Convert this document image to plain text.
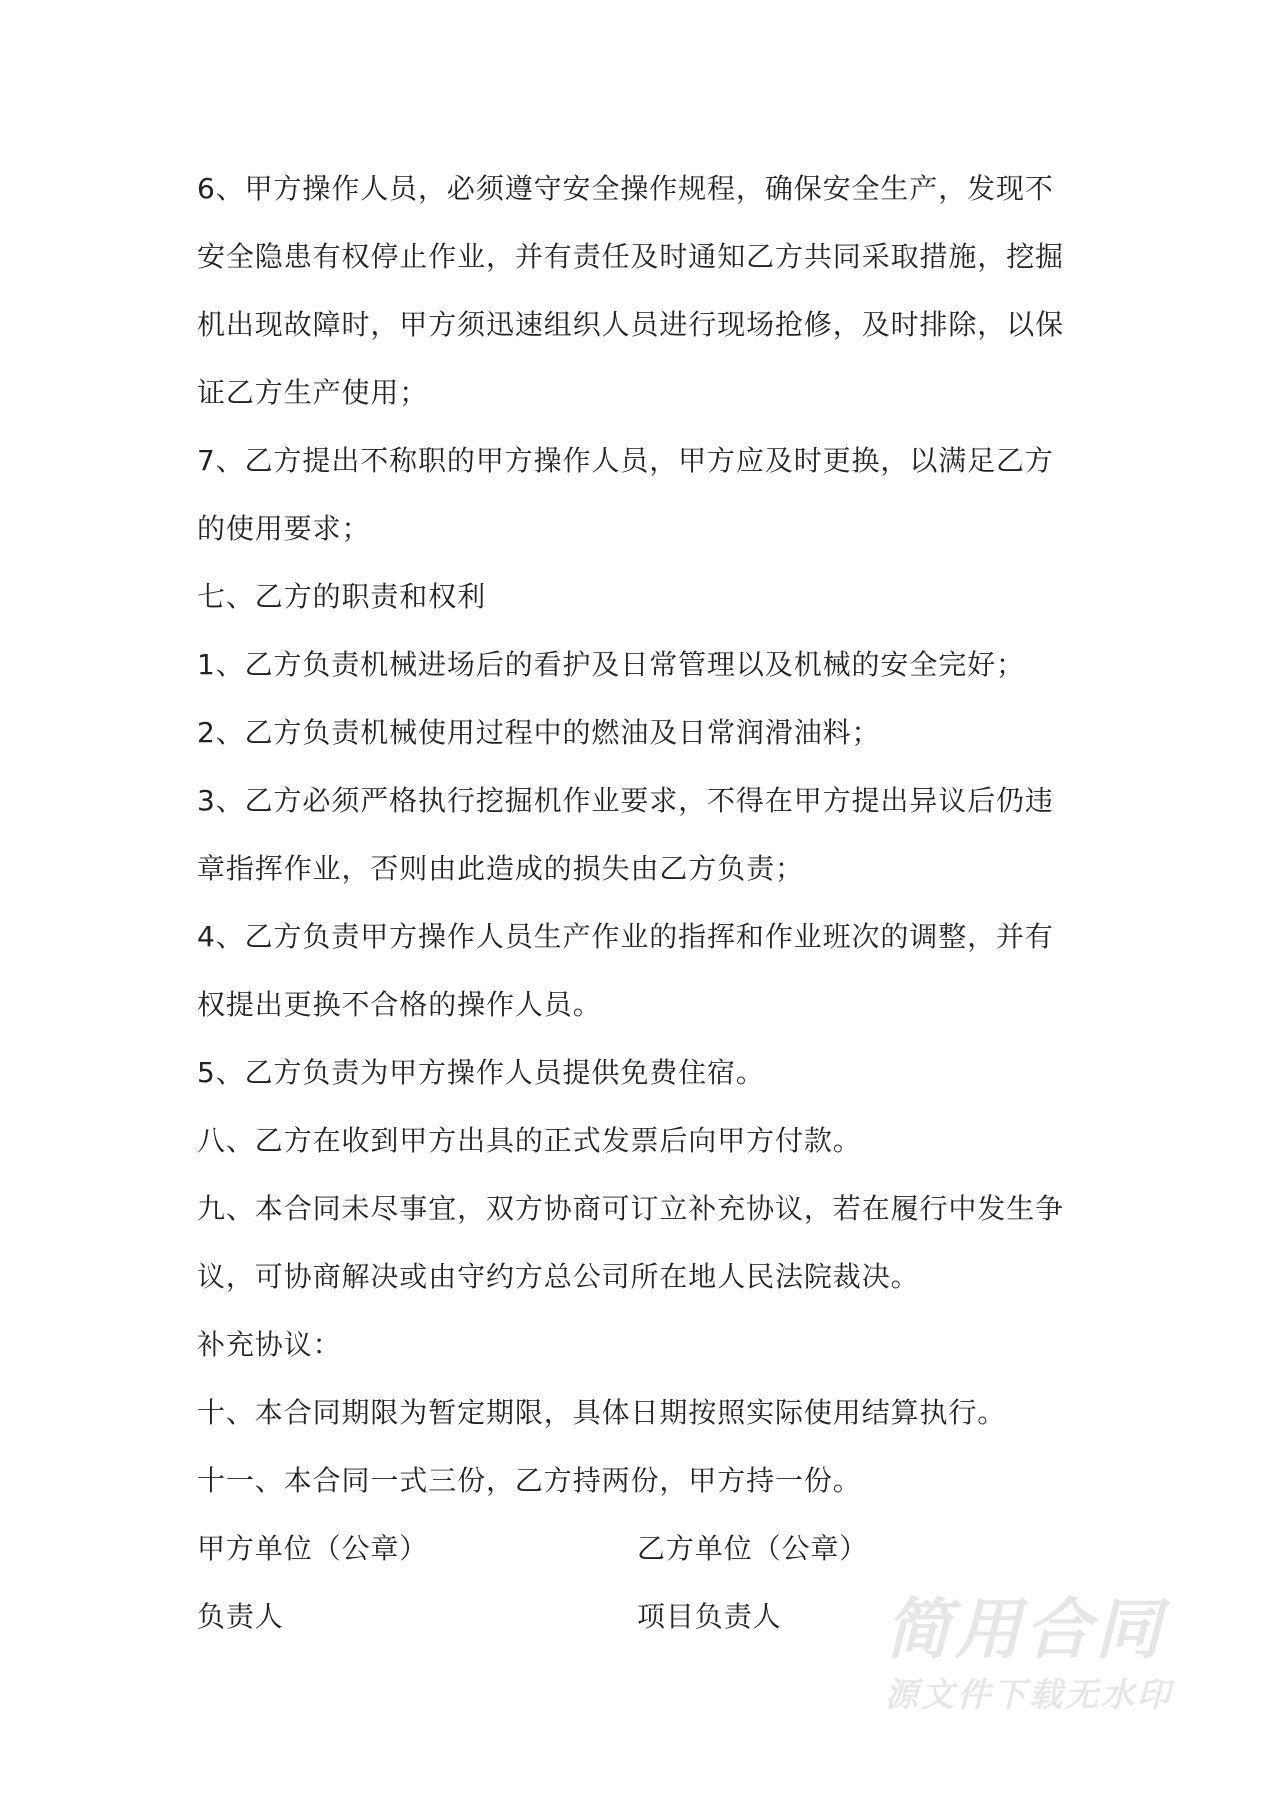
6、甲方操作人员，必须遵守安全操作规程，确保安全生产，发现不
安全隐患有权停止作业，并有责任及时通知乙方共同采取措施，挖掘
机出现故障时，甲方须迅速组织人员进行现场抢修，及时排除，以保
证乙方生产使用；
7、乙方提出不称职的甲方操作人员，甲方应及时更换，以满足乙方
的使用要求；
七、乙方的职责和权利
1、乙方负责机械进场后的看护及日常管理以及机械的安全完好；
2、乙方负责机械使用过程中的燃油及日常润滑油料；
3、乙方必须严格执行挖掘机作业要求，不得在甲方提出异议后仍违
章指挥作业，否则由此造成的损失由乙方负责；
4、乙方负责甲方操作人员生产作业的指挥和作业班次的调整，并有
权提出更换不合格的操作人员。
5、乙方负责为甲方操作人员提供免费住宿。
八、乙方在收到甲方出具的正式发票后向甲方付款。
九、本合同未尽事宜，双方协商可订立补充协议，若在履行中发生争
议，可协商解决或由守约方总公司所在地人民法院裁决。
补充协议：
十、本合同期限为暂定期限，具体日期按照实际使用结算执行。
十一、本合同一式三份，乙方持两份，甲方持一份。
甲方单位（公章）	乙方单位（公章）
负责人	项目负责人 简用合同
源文件下载无水印
